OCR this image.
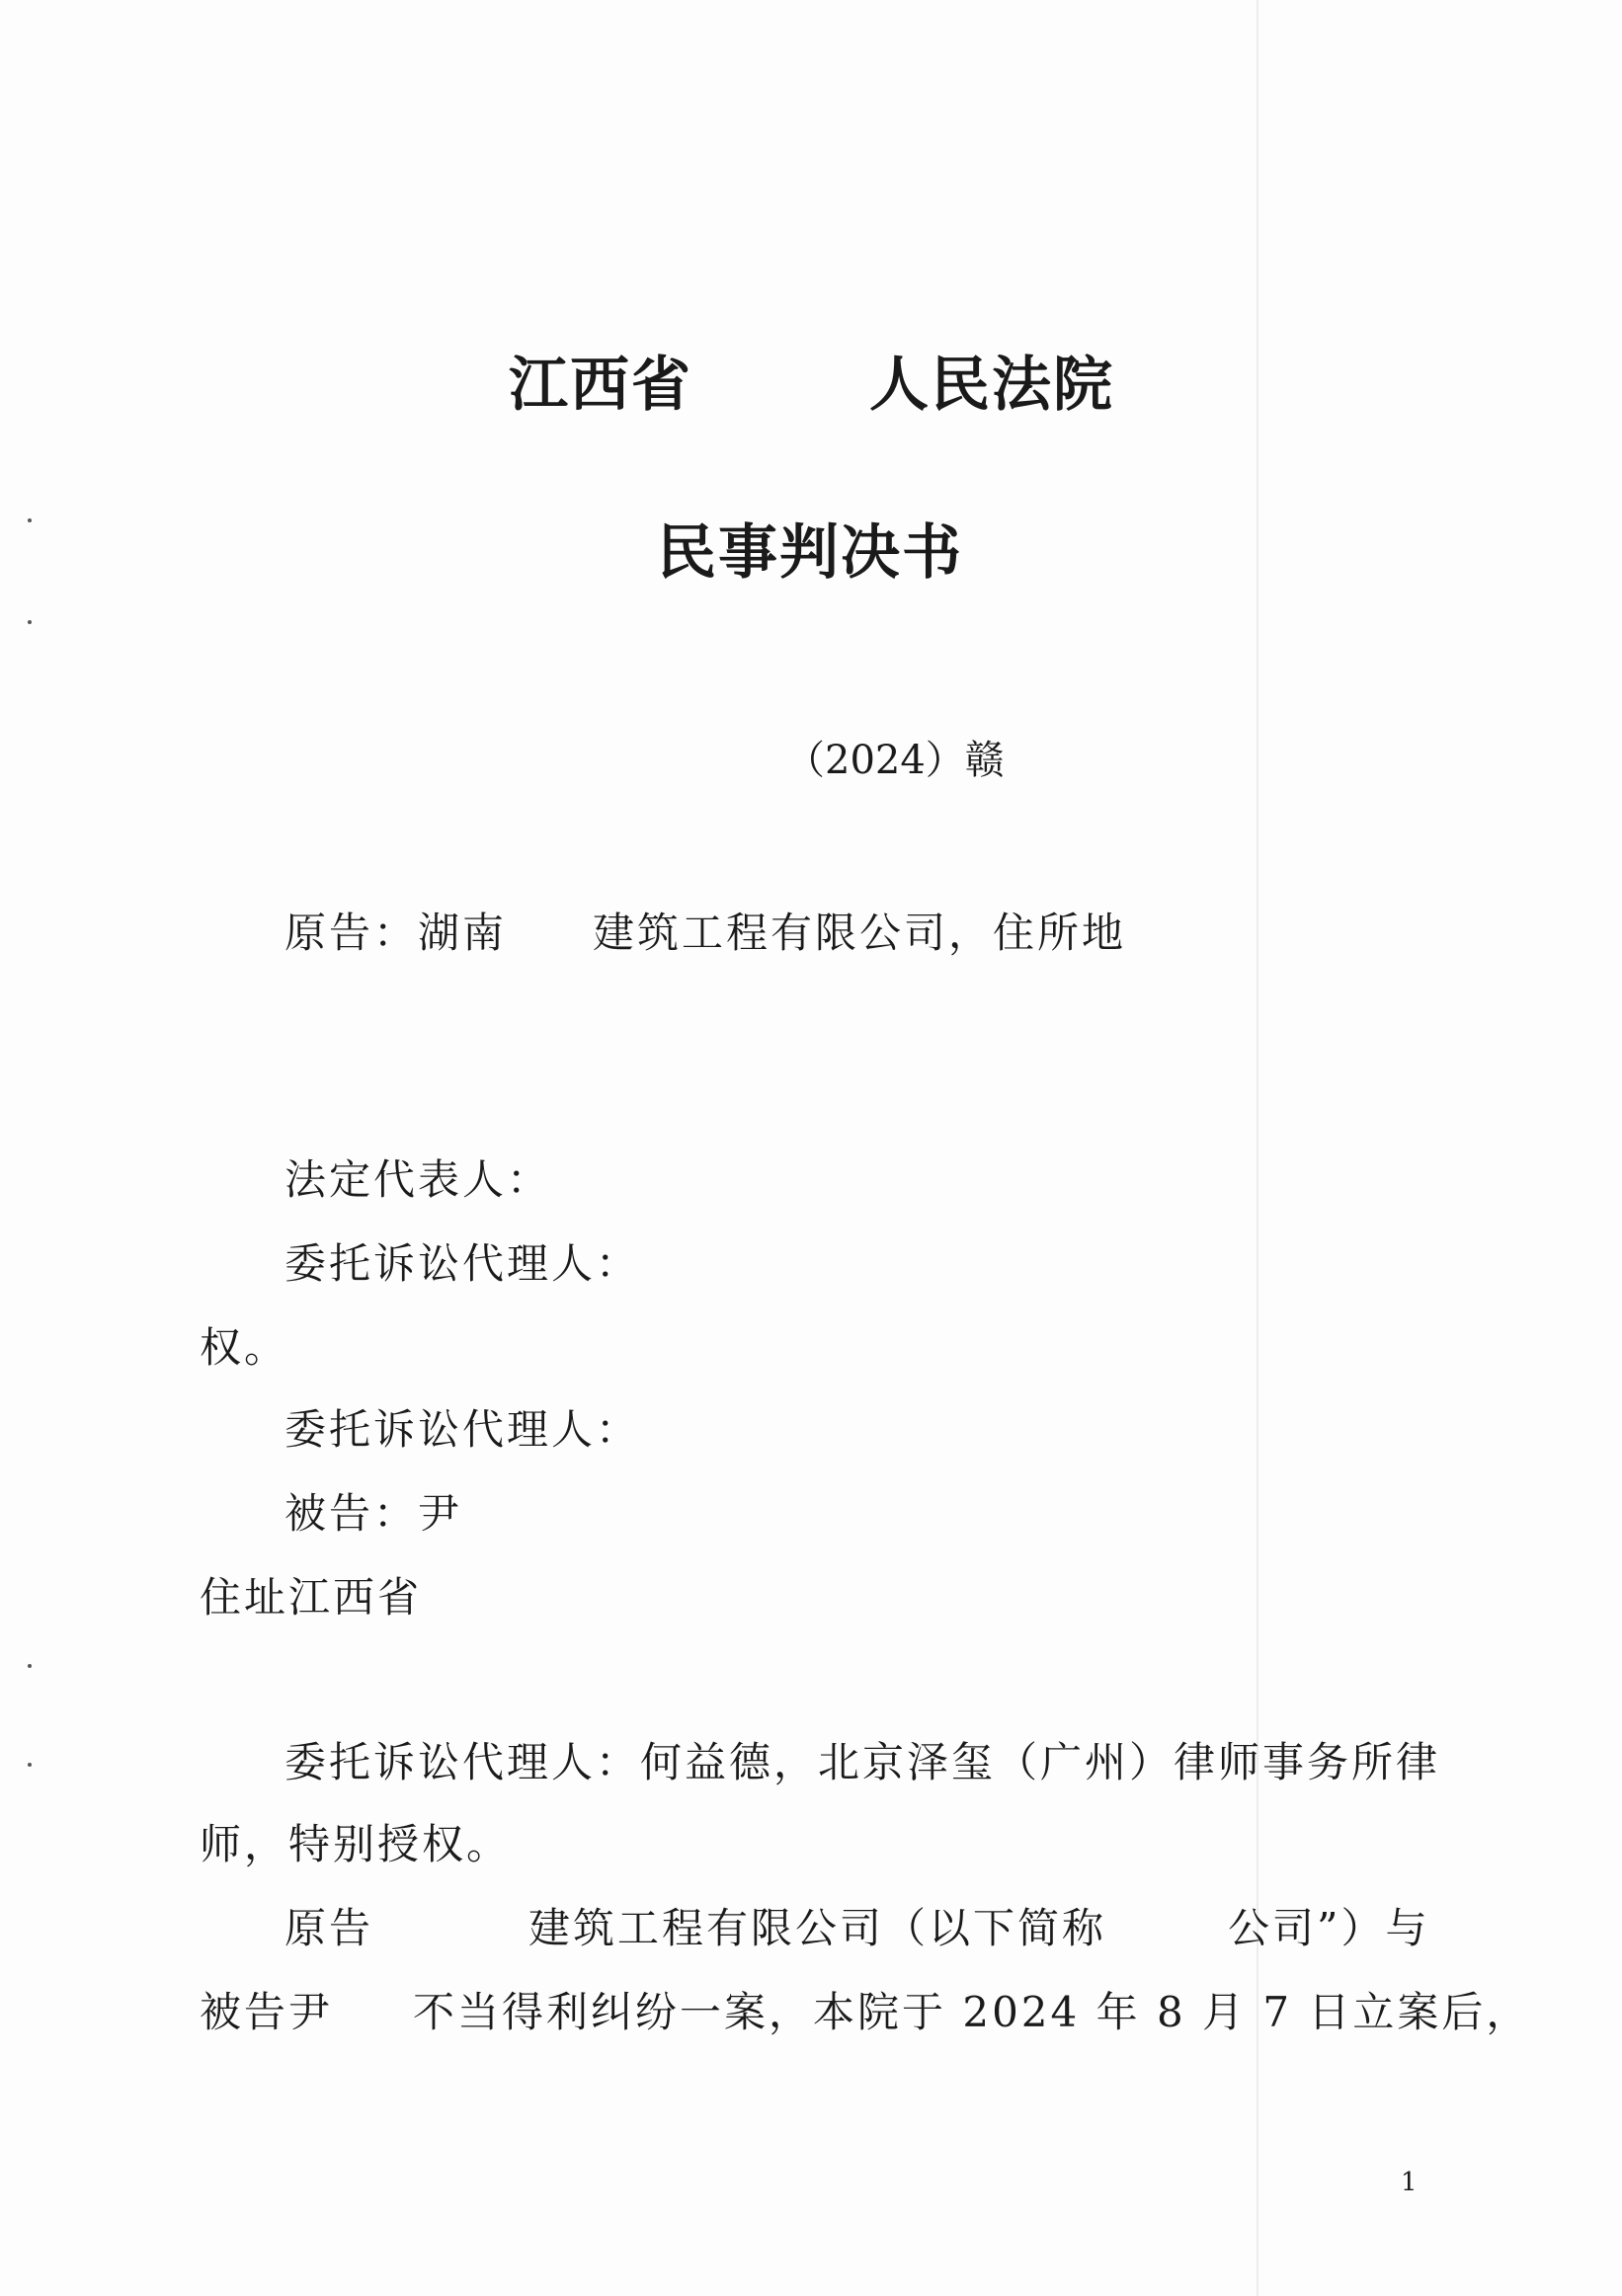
江西省	人民法院
民事判决书
（2024）赣
原告：湖南 建筑工程有限公司，住所地
法定代表人：
委托诉讼代理人：
权。
委托诉讼代理人：
被告：尹
住址江西省
委托诉讼代理人：何益德，北京泽玺（广州）律师事务所律
师，特别授权。
原告	建筑工程有限公司（以下简称	公司”）与
被告尹 不当得利纠纷一案，本院于 2024 年 8 月 7 日立案后，
1
